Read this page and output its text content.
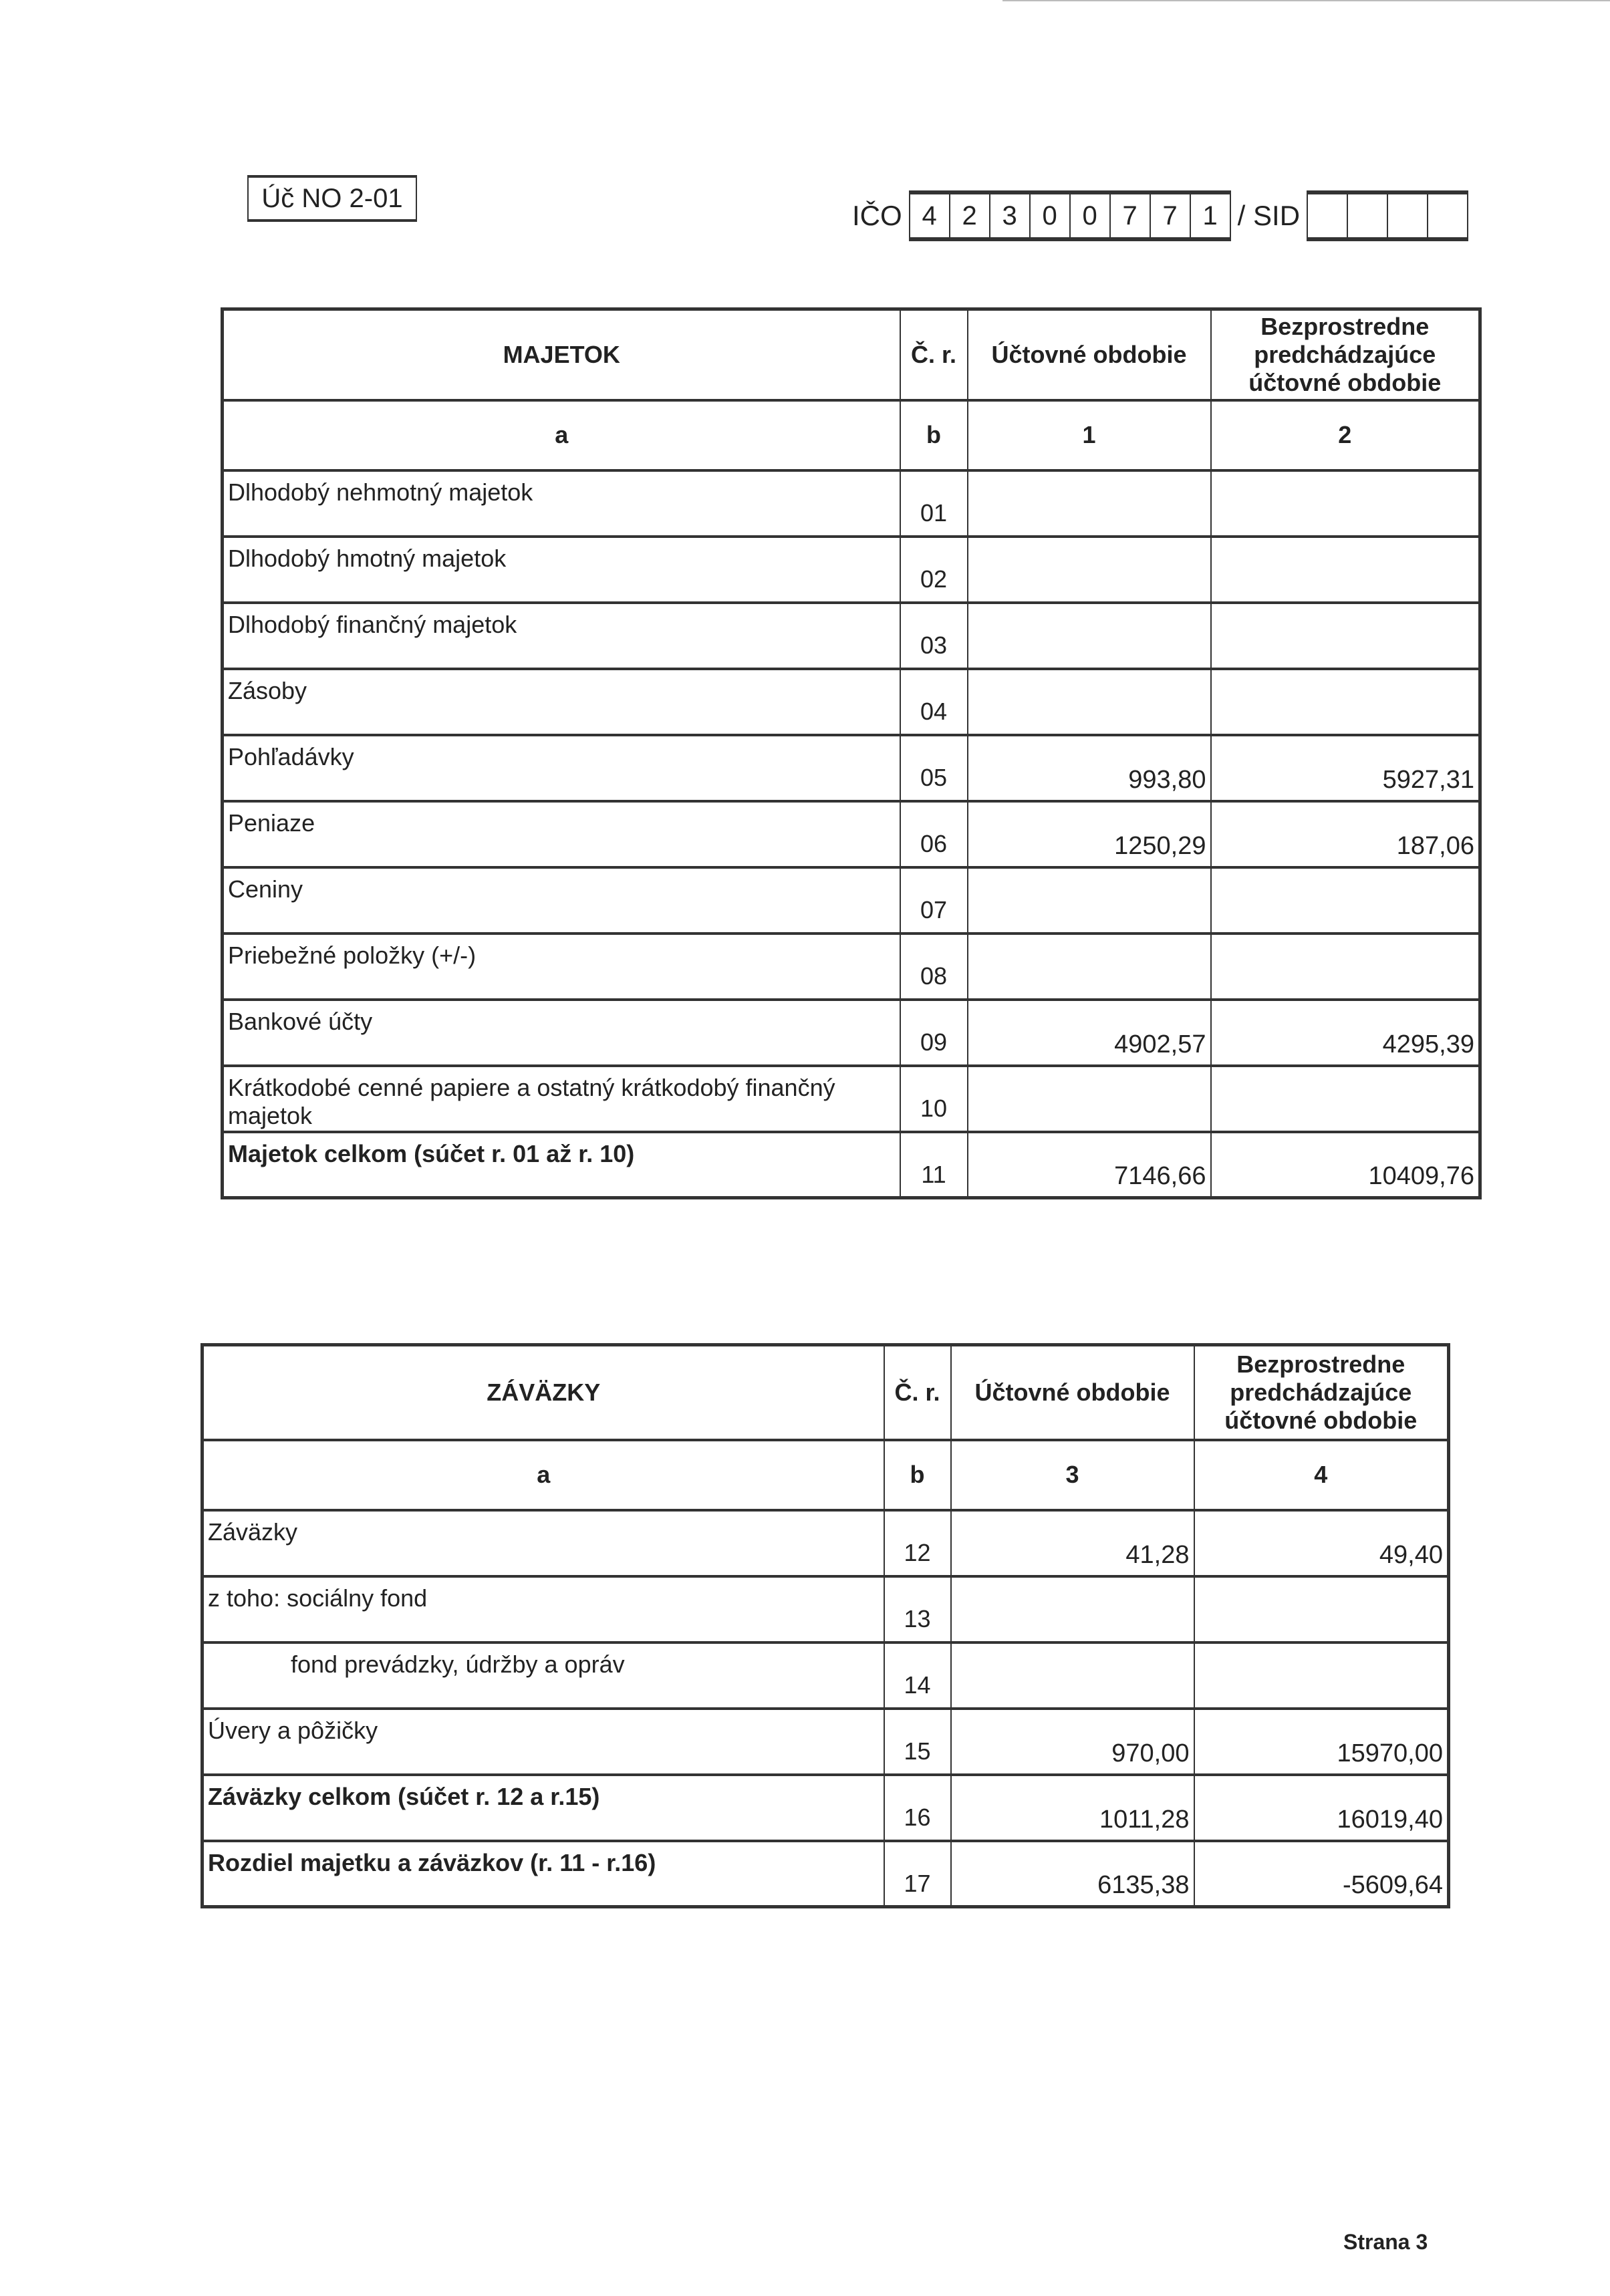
Úč NO 2-01
IČO 4 2 3 0 0 7 7 1 / SID
MAJETOK	Č. r.	Účtovné obdobie	Bezprostredne predchádzajúce účtovné obdobie
a	b	1	2
Dlhodobý nehmotný majetok	01		
Dlhodobý hmotný majetok	02		
Dlhodobý finančný majetok	03		
Zásoby	04		
Pohľadávky	05	993,80	5927,31
Peniaze	06	1250,29	187,06
Ceniny	07		
Priebežné položky (+/-)	08		
Bankové účty	09	4902,57	4295,39
Krátkodobé cenné papiere a ostatný krátkodobý finančný majetok	10		
Majetok celkom (súčet r. 01 až r. 10)	11	7146,66	10409,76
ZÁVÄZKY	Č. r.	Účtovné obdobie	Bezprostredne predchádzajúce účtovné obdobie
a	b	3	4
Záväzky	12	41,28	49,40
z toho: sociálny fond	13		
fond prevádzky, údržby a opráv	14		
Úvery a pôžičky	15	970,00	15970,00
Záväzky celkom (súčet r. 12 a r.15)	16	1011,28	16019,40
Rozdiel majetku a záväzkov (r. 11 - r.16)	17	6135,38	-5609,64
Strana 3
